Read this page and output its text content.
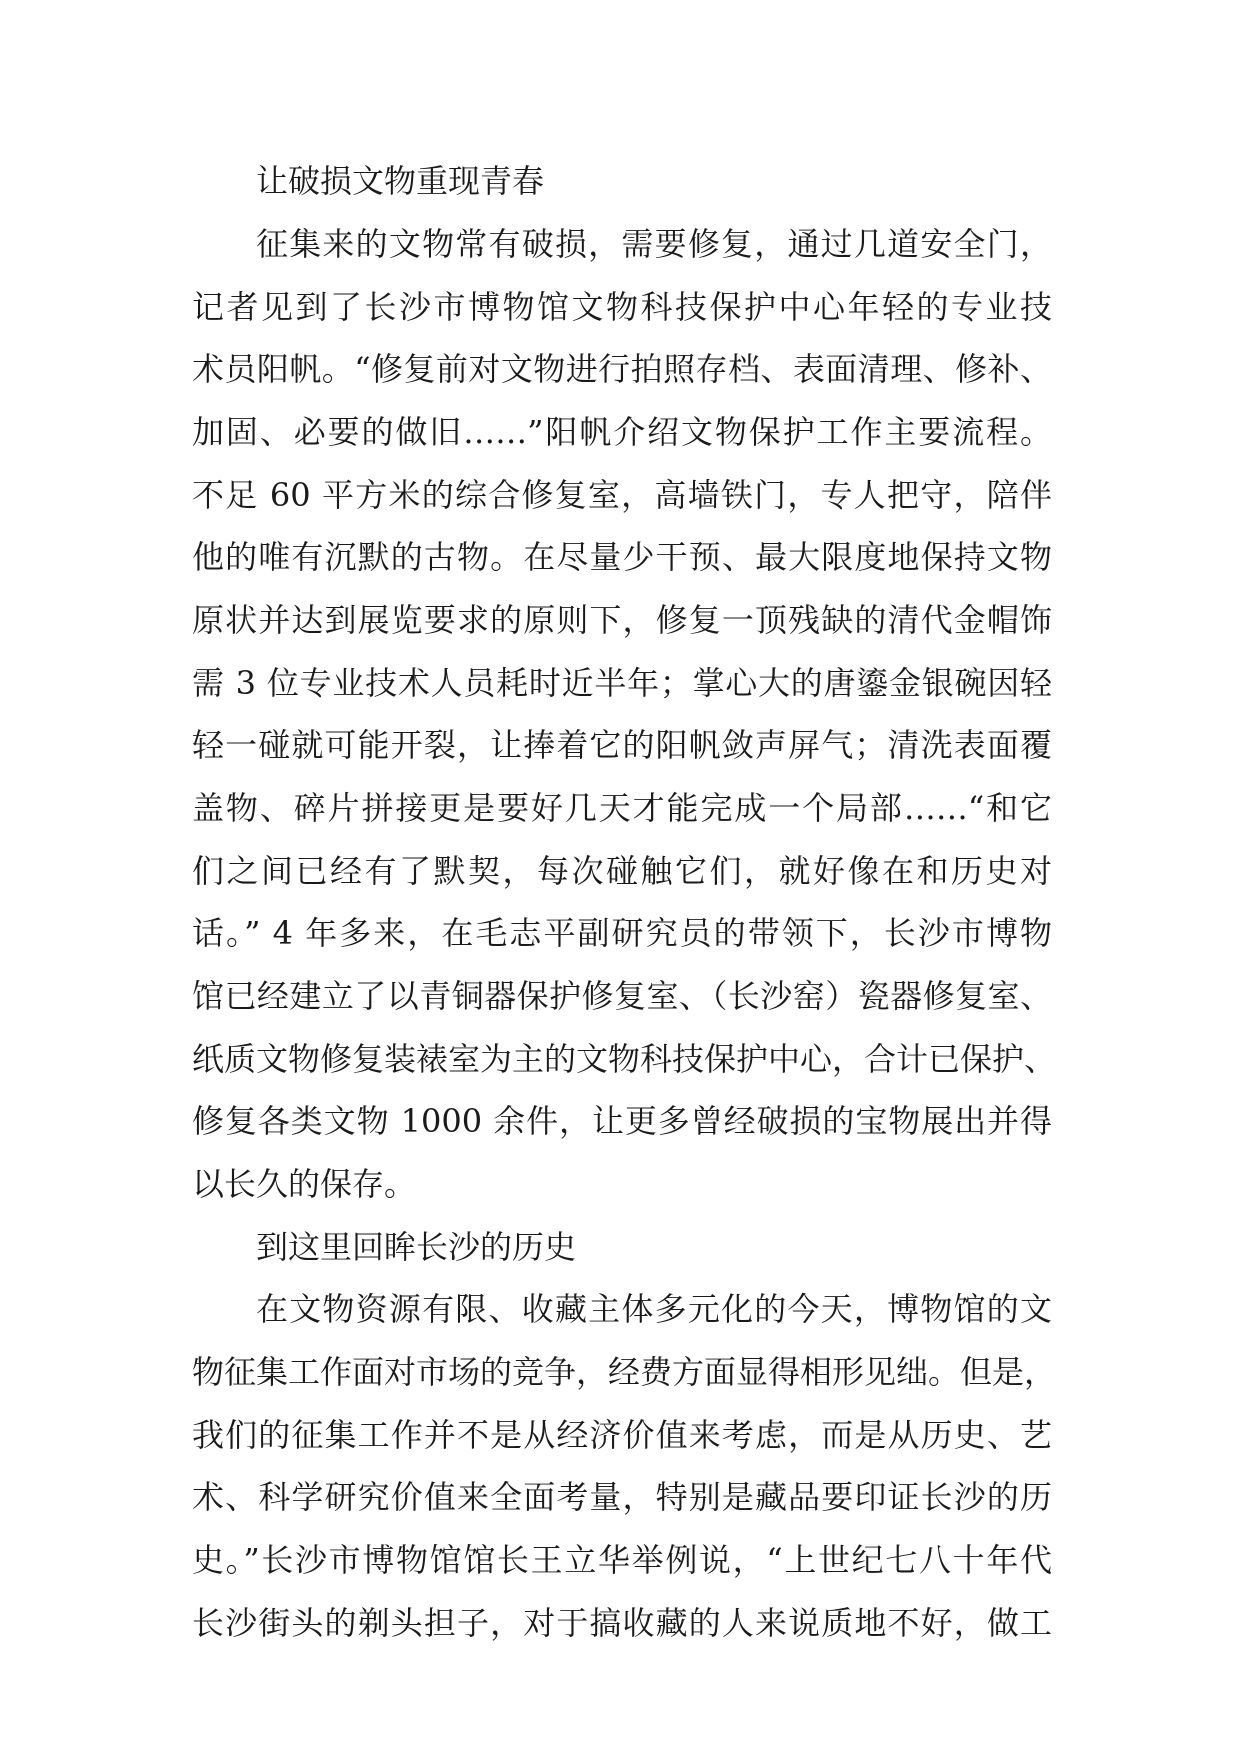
让破损文物重现青春
征集来的文物常有破损，需要修复，通过几道安全门，
记者见到了长沙市博物馆文物科技保护中心年轻的专业技
术员阳帆。“修复前对文物进行拍照存档、表面清理、修补、
加固、必要的做旧……”阳帆介绍文物保护工作主要流程。
不足 60 平方米的综合修复室，高墙铁门，专人把守，陪伴
他的唯有沉默的古物。在尽量少干预、最大限度地保持文物
原状并达到展览要求的原则下，修复一顶残缺的清代金帽饰
需 3 位专业技术人员耗时近半年；掌心大的唐鎏金银碗因轻
轻一碰就可能开裂，让捧着它的阳帆敛声屏气；清洗表面覆
盖物、碎片拼接更是要好几天才能完成一个局部……“和它
们之间已经有了默契，每次碰触它们，就好像在和历史对
话。” 4 年多来，在毛志平副研究员的带领下，长沙市博物
馆已经建立了以青铜器保护修复室、（长沙窑）瓷器修复室、
纸质文物修复装裱室为主的文物科技保护中心，合计已保护、
修复各类文物 1000 余件，让更多曾经破损的宝物展出并得
以长久的保存。
到这里回眸长沙的历史
在文物资源有限、收藏主体多元化的今天，博物馆的文
物征集工作面对市场的竞争，经费方面显得相形见绌。但是，
我们的征集工作并不是从经济价值来考虑，而是从历史、艺
术、科学研究价值来全面考量，特别是藏品要印证长沙的历
史。”长沙市博物馆馆长王立华举例说，“上世纪七八十年代
长沙街头的剃头担子，对于搞收藏的人来说质地不好，做工
